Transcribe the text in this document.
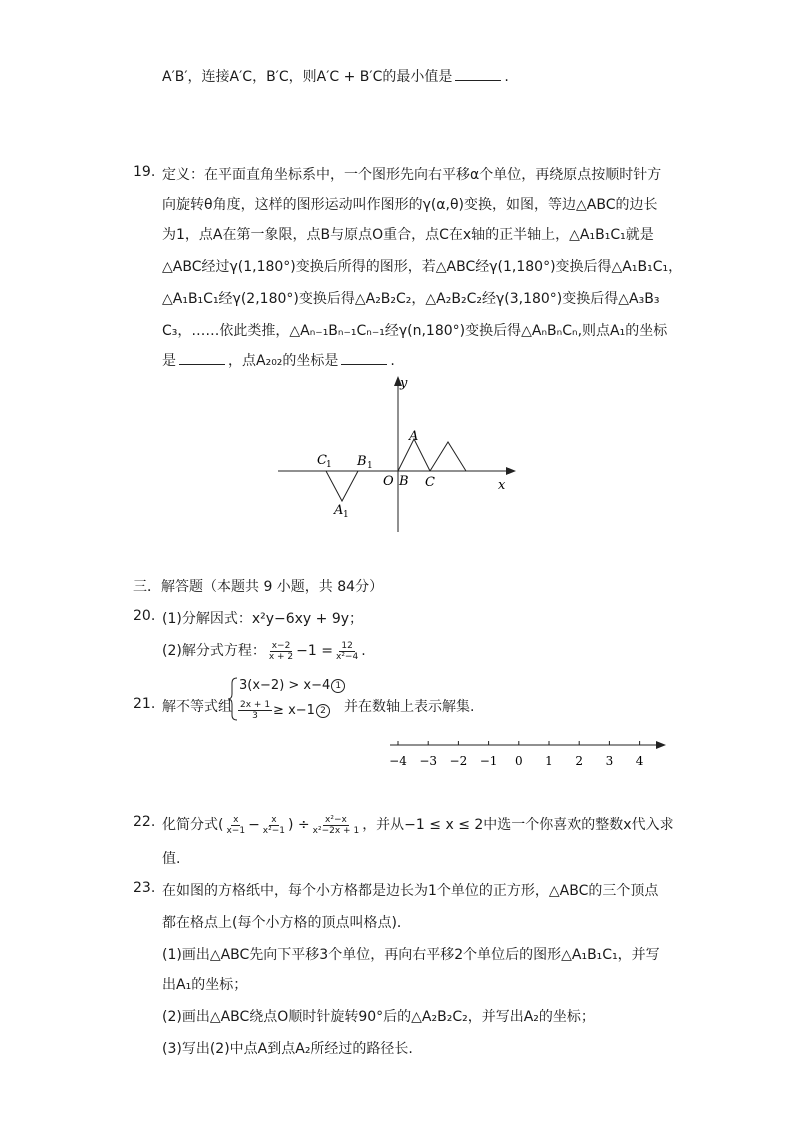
A′B′，连接A′C，B′C，则A′C + B′C的最小值是	.
19. 定义：在平面直角坐标系中，一个图形先向右平移α个单位，再绕原点按顺时针方
向旋转θ角度，这样的图形运动叫作图形的γ(α,θ)变换，如图，等边△ABC的边长
为1，点A在第一象限，点B与原点O重合，点C在x轴的正半轴上，△A₁B₁C₁就是
△ABC经过γ(1,180°)变换后所得的图形，若△ABC经γ(1,180°)变换后得△A₁B₁C₁，
△A₁B₁C₁经γ(2,180°)变换后得△A₂B₂C₂，△A₂B₂C₂经γ(3,180°)变换后得△A₃B₃
C₃，……依此类推，△Aₙ₋₁Bₙ₋₁Cₙ₋₁经γ(n,180°)变换后得△AₙBₙCₙ,则点A₁的坐标
是	，点A₂₀₂的坐标是	.
y
x
O B C
A
C 1 B 1
A 1
三．解答题（本题共 9 小题，共 84分）
20. (1)分解因式：x²y−6xy + 9y；
(2)解分式方程： $\frac{x-2}{x + 2} -1 = \frac{12}{\text{x²−4}}$ .
21. 解不等式组
3(x−2) > x−4 1
$\frac{2x + 1}{3} \ge x-1$ 2 并在数轴上表示解集.
−4 −3 −2 −1 0 1 2 3 4
22. 化简分式( $\frac{x}{x-1} - \frac{x}{\text{x²−1}}$ ) ÷ $\frac{\text{x²−x}}{\text{x²−2x + 1}}$ ，并从−1 ≤ x ≤ 2中选一个你喜欢的整数x代入求
值.
23. 在如图的方格纸中，每个小方格都是边长为1个单位的正方形，△ABC的三个顶点
都在格点上(每个小方格的顶点叫格点)．
(1)画出△ABC先向下平移3个单位，再向右平移2个单位后的图形△A₁B₁C₁，并写
出A₁的坐标；
(2)画出△ABC绕点O顺时针旋转90°后的△A₂B₂C₂，并写出A₂的坐标；
(3)写出(2)中点A到点A₂所经过的路径长.
